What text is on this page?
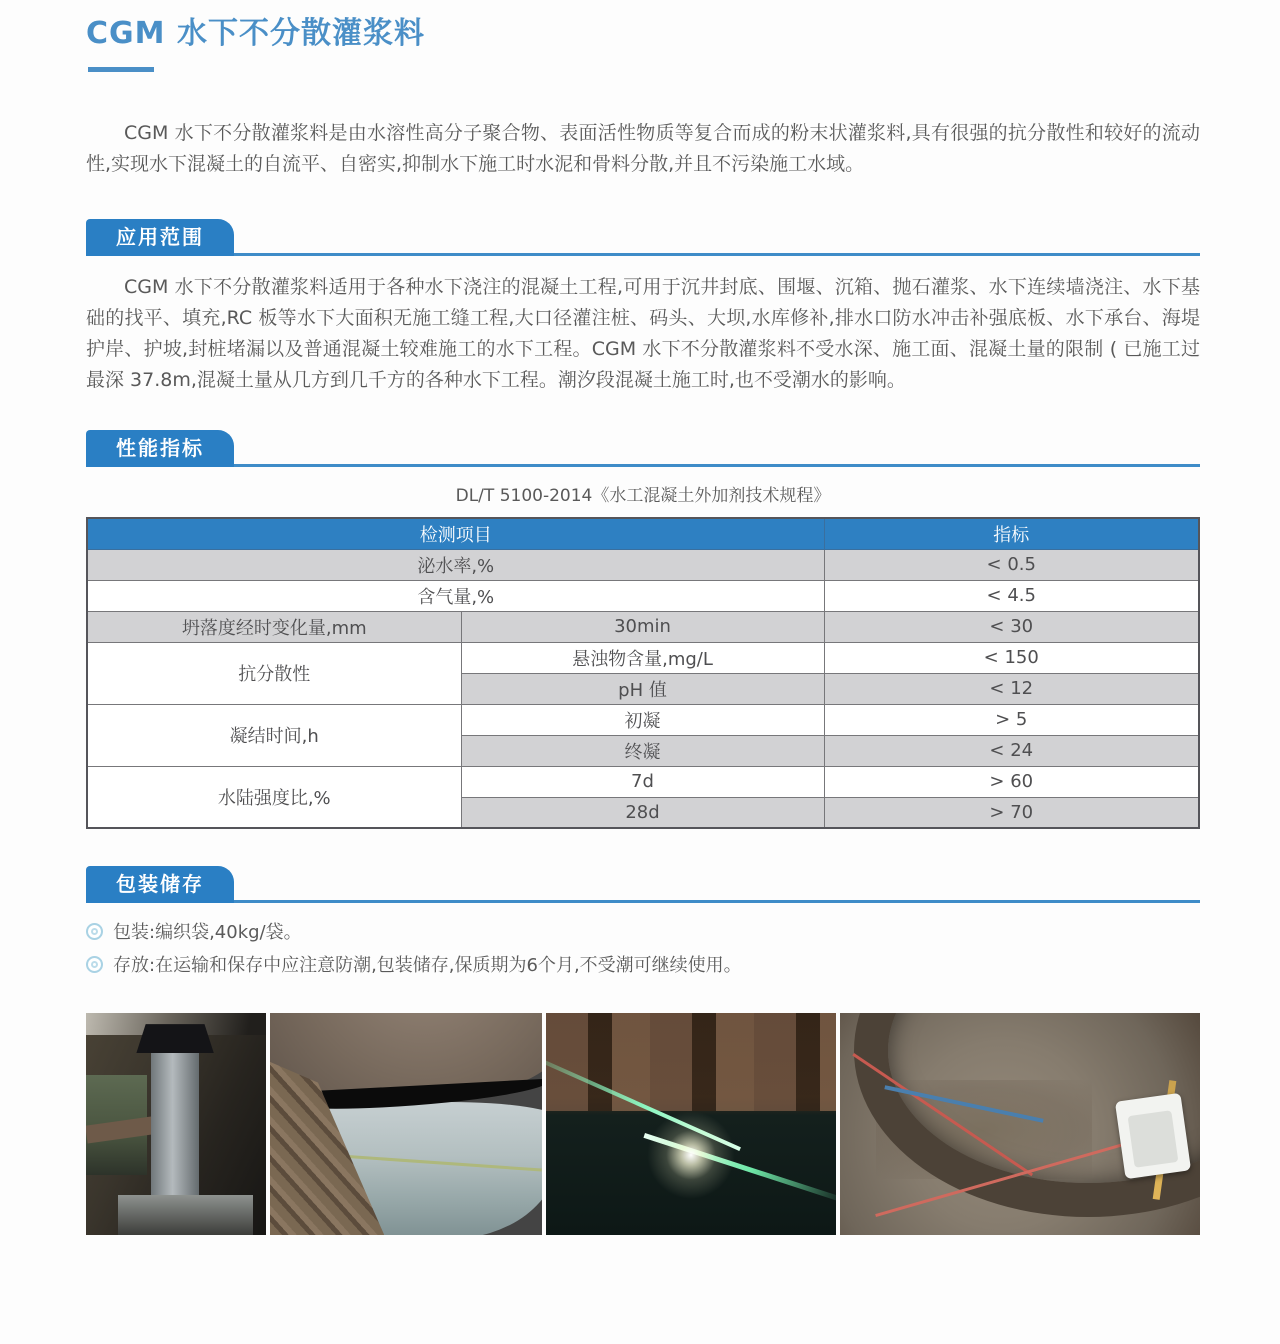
CGM 水下不分散灌浆料

CGM 水下不分散灌浆料是由水溶性高分子聚合物、表面活性物质等复合而成的粉末状灌浆料,具有很强的抗分散性和较好的流动性,实现水下混凝土的自流平、自密实,抑制水下施工时水泥和骨料分散,并且不污染施工水域。

应用范围

CGM 水下不分散灌浆料适用于各种水下浇注的混凝土工程,可用于沉井封底、围堰、沉箱、抛石灌浆、水下连续墙浇注、水下基础的找平、填充,RC 板等水下大面积无施工缝工程,大口径灌注桩、码头、大坝,水库修补,排水口防水冲击补强底板、水下承台、海堤护岸、护坡,封桩堵漏以及普通混凝土较难施工的水下工程。CGM 水下不分散灌浆料不受水深、施工面、混凝土量的限制 ( 已施工过最深 37.8m,混凝土量从几方到几千方的各种水下工程。潮汐段混凝土施工时,也不受潮水的影响。

性能指标
DL/T 5100-2014《水工混凝土外加剂技术规程》
检测项目		指标
泌水率,%		< 0.5
含气量,%		< 4.5
坍落度经时变化量,mm	30min	< 30
抗分散性	悬浊物含量,mg/L	< 150
	pH 值	< 12
凝结时间,h	初凝	> 5
	终凝	< 24
水陆强度比,%	7d	> 60
	28d	> 70
包装储存
包装:编织袋,40kg/袋。
存放:在运输和保存中应注意防潮,包装储存,保质期为6个月,不受潮可继续使用。
